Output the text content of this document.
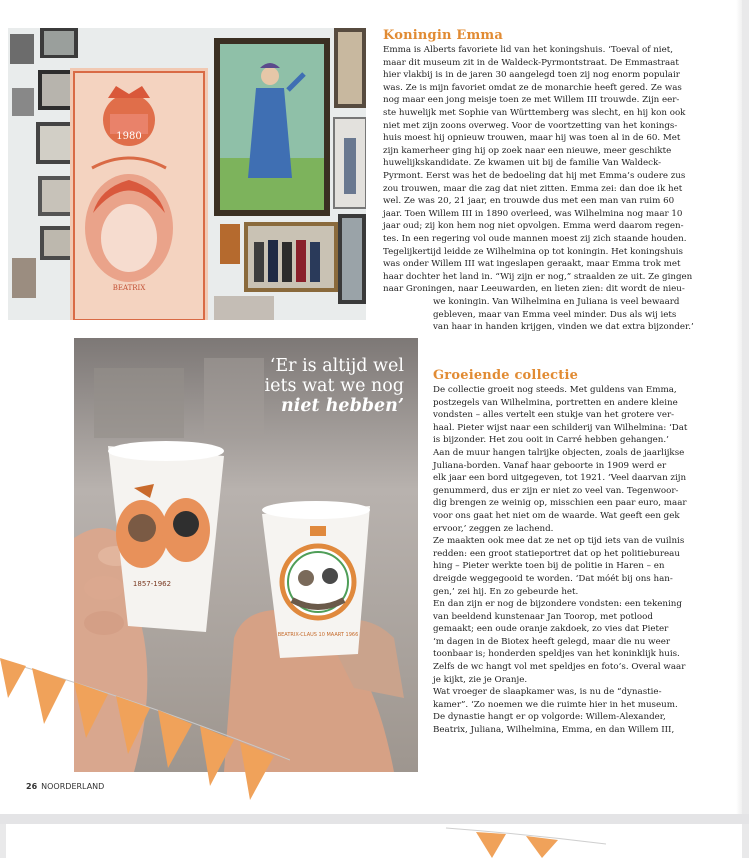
1980
BEATRIX
Koningin Emma

Emma is Alberts favoriete lid van het koningshuis. ‘Toeval of niet,

maar dit museum zit in de Waldeck-Pyrmontstraat. De Emmastraat

hier vlakbij is in de jaren 30 aangelegd toen zij nog enorm populair

was. Ze is mijn favoriet omdat ze de monarchie heeft gered. Ze was

nog maar een jong meisje toen ze met Willem III trouwde. Zijn eer-

ste huwelijk met Sophie van Württemberg was slecht, en hij kon ook

niet met zijn zoons overweg. Voor de voortzetting van het konings-

huis moest hij opnieuw trouwen, maar hij was toen al in de 60. Met

zijn kamerheer ging hij op zoek naar een nieuwe, meer geschikte

huwelijkskandidate. Ze kwamen uit bij de familie Van Waldeck-

Pyrmont. Eerst was het de bedoeling dat hij met Emma’s oudere zus

zou trouwen, maar die zag dat niet zitten. Emma zei: dan doe ik het

wel. Ze was 20, 21 jaar, en trouwde dus met een man van ruim 60

jaar. Toen Willem III in 1890 overleed, was Wilhelmina nog maar 10

jaar oud; zij kon hem nog niet opvolgen. Emma werd daarom regen-

tes. In een regering vol oude mannen moest zij zich staande houden.

Tegelijkertijd leidde ze Wilhelmina op tot koningin. Het koningshuis

was onder Willem III wat ingeslapen geraakt, maar Emma trok met

haar dochter het land in. “Wij zijn er nog,” straalden ze uit. Ze gingen

naar Groningen, naar Leeuwarden, en lieten zien: dit wordt de nieu-

we koningin. Van Wilhelmina en Juliana is veel bewaard

gebleven, maar van Emma veel minder. Dus als wij iets

van haar in handen krijgen, vinden we dat extra bijzonder.’

1857-1962
BEATRIX-CLAUS 10 MAART 1966
‘Er is altijd wel
iets wat we nog
niet hebben’
Groeiende collectie

De collectie groeit nog steeds. Met guldens van Emma,

postzegels van Wilhelmina, portretten en andere kleine

vondsten – alles vertelt een stukje van het grotere ver-

haal. Pieter wijst naar een schilderij van Wilhelmina: ‘Dat

is bijzonder. Het zou ooit in Carré hebben gehangen.’

Aan de muur hangen talrijke objecten, zoals de jaarlijkse

Juliana-borden. Vanaf haar geboorte in 1909 werd er

elk jaar een bord uitgegeven, tot 1921. ‘Veel daarvan zijn

genummerd, dus er zijn er niet zo veel van. Tegenwoor-

dig brengen ze weinig op, misschien een paar euro, maar

voor ons gaat het niet om de waarde. Wat geeft een gek

ervoor,’ zeggen ze lachend.

Ze maakten ook mee dat ze net op tijd iets van de vuilnis

redden: een groot statieportret dat op het politiebureau

hing – Pieter werkte toen bij de politie in Haren – en

dreigde weggegooid te worden. ‘Dat móét bij ons han-

gen,’ zei hij. En zo gebeurde het.

En dan zijn er nog de bijzondere vondsten: een tekening

van beeldend kunstenaar Jan Toorop, met potlood

gemaakt; een oude oranje zakdoek, zo vies dat Pieter

‘m dagen in de Biotex heeft gelegd, maar die nu weer

toonbaar is; honderden speldjes van het koninklijk huis.

Zelfs de wc hangt vol met speldjes en foto’s. Overal waar

je kijkt, zie je Oranje.

Wat vroeger de slaapkamer was, is nu de “dynastie-

kamer”. ‘Zo noemen we die ruimte hier in het museum.

De dynastie hangt er op volgorde: Willem-Alexander,

Beatrix, Juliana, Wilhelmina, Emma, en dan Willem III,

26 NOORDERLAND
